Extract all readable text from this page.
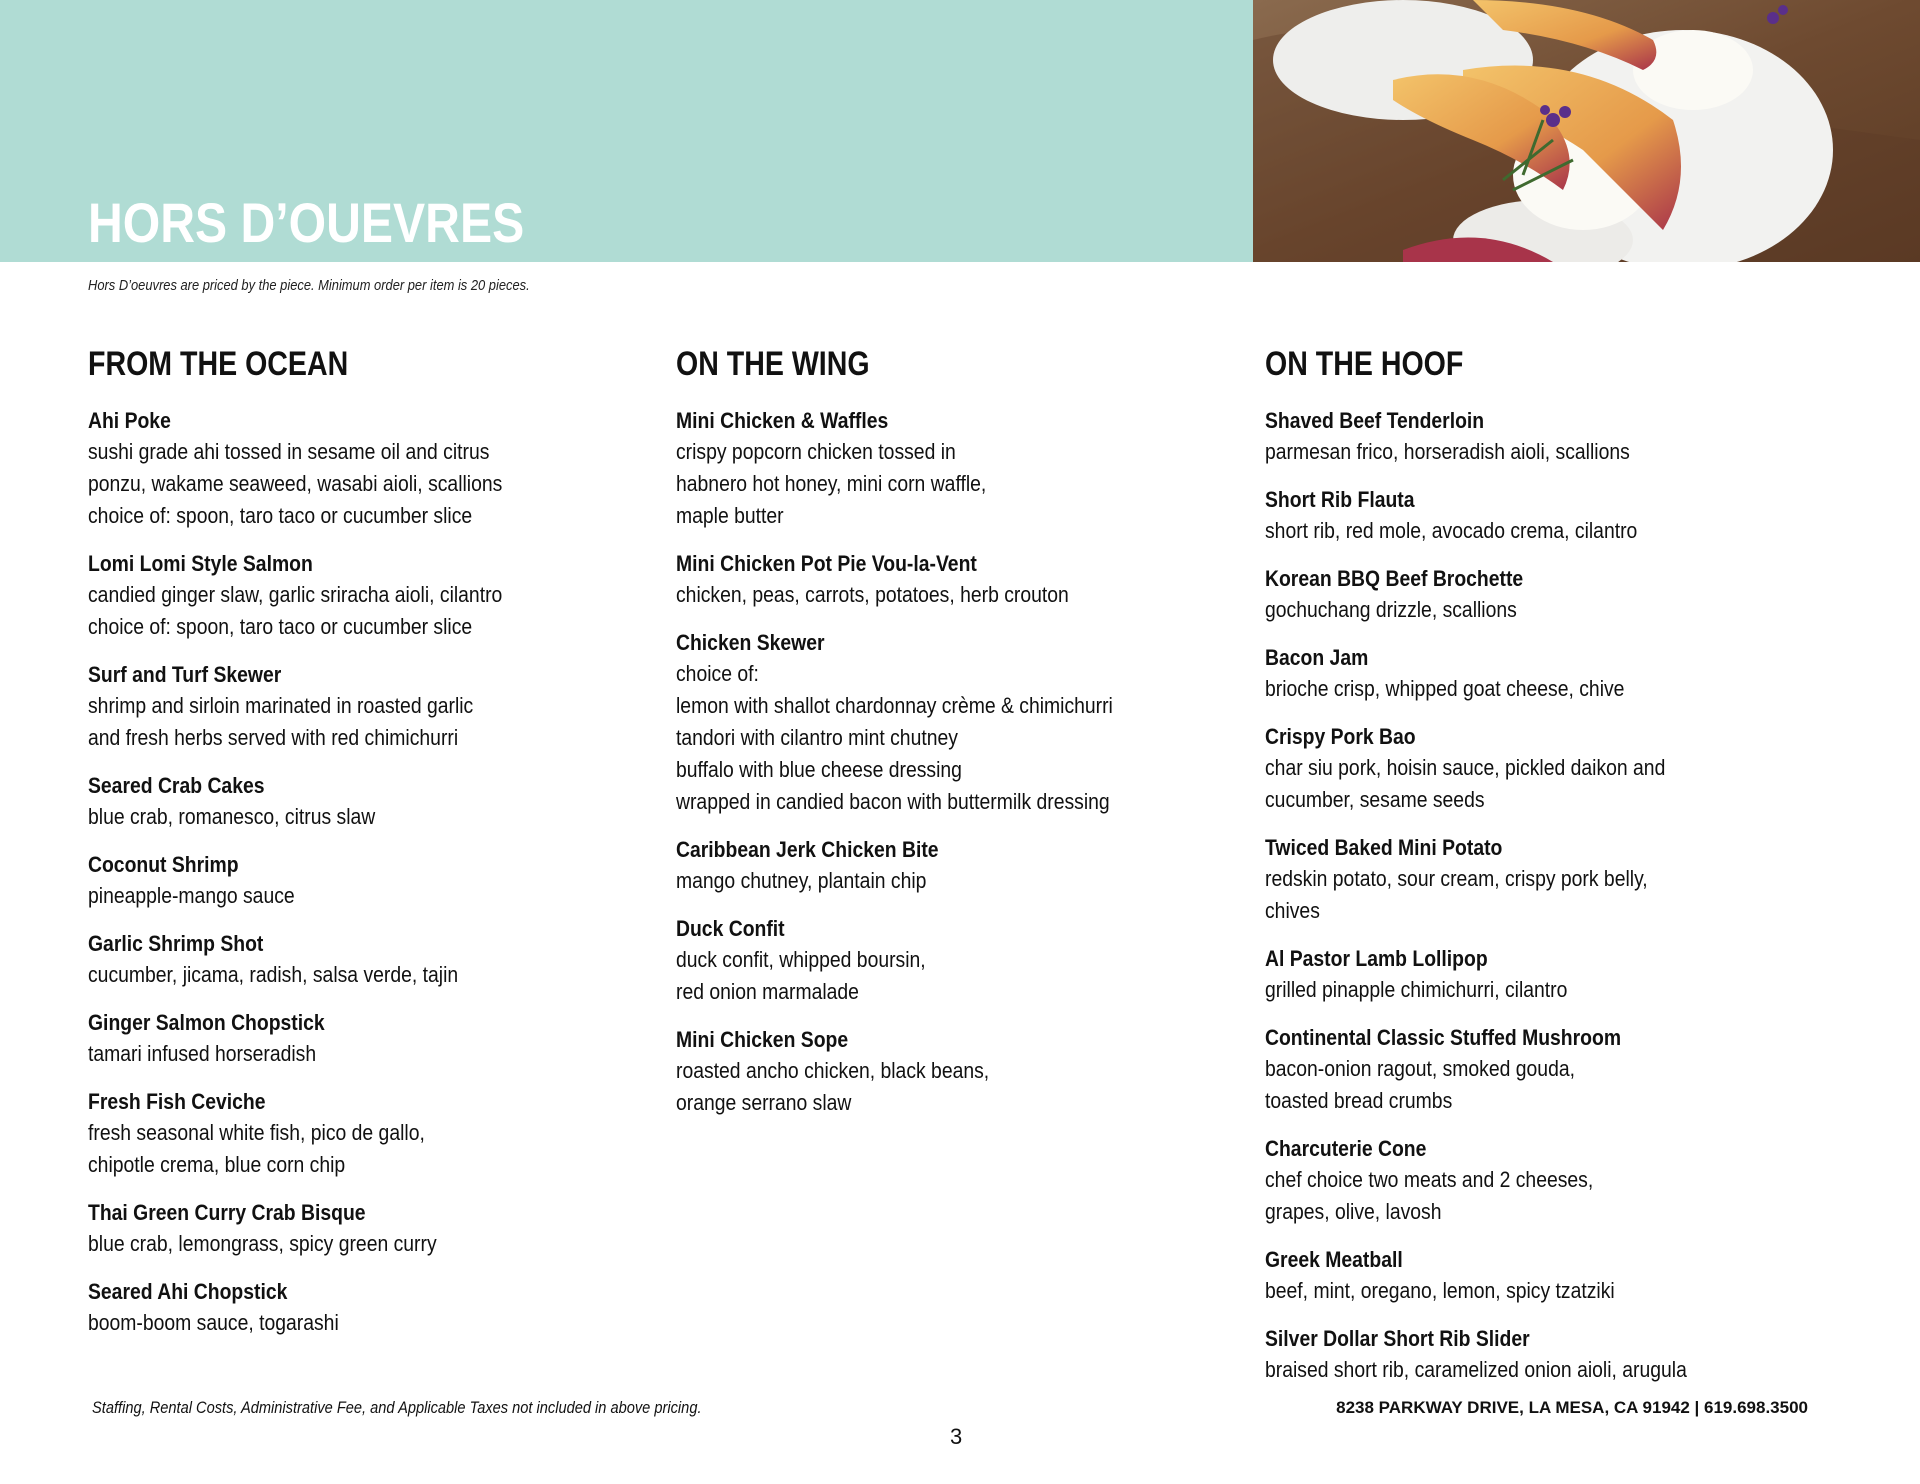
HORS D’OUEVRES
Hors D’oeuvres are priced by the piece. Minimum order per item is 20 pieces.
FROM THE OCEAN
Ahi Poke
sushi grade ahi tossed in sesame oil and citrus
ponzu, wakame seaweed, wasabi aioli, scallions
choice of: spoon, taro taco or cucumber slice
Lomi Lomi Style Salmon
candied ginger slaw, garlic sriracha aioli, cilantro
choice of: spoon, taro taco or cucumber slice
Surf and Turf Skewer
shrimp and sirloin marinated in roasted garlic
and fresh herbs served with red chimichurri
Seared Crab Cakes
blue crab, romanesco, citrus slaw
Coconut Shrimp
pineapple-mango sauce
Garlic Shrimp Shot
cucumber, jicama, radish, salsa verde, tajin
Ginger Salmon Chopstick
tamari infused horseradish
Fresh Fish Ceviche
fresh seasonal white fish, pico de gallo,
chipotle crema, blue corn chip
Thai Green Curry Crab Bisque
blue crab, lemongrass, spicy green curry
Seared Ahi Chopstick
boom-boom sauce, togarashi
ON THE WING
Mini Chicken & Waffles
crispy popcorn chicken tossed in
habnero hot honey, mini corn waffle,
maple butter
Mini Chicken Pot Pie Vou-la-Vent
chicken, peas, carrots, potatoes, herb crouton
Chicken Skewer
choice of:
lemon with shallot chardonnay crème & chimichurri
tandori with cilantro mint chutney
buffalo with blue cheese dressing
wrapped in candied bacon with buttermilk dressing
Caribbean Jerk Chicken Bite
mango chutney, plantain chip
Duck Confit
duck confit, whipped boursin,
red onion marmalade
Mini Chicken Sope
roasted ancho chicken, black beans,
orange serrano slaw
ON THE HOOF
Shaved Beef Tenderloin
parmesan frico, horseradish aioli, scallions
Short Rib Flauta
short rib, red mole, avocado crema, cilantro
Korean BBQ Beef Brochette
gochuchang drizzle, scallions
Bacon Jam
brioche crisp, whipped goat cheese, chive
Crispy Pork Bao
char siu pork, hoisin sauce, pickled daikon and
cucumber, sesame seeds
Twiced Baked Mini Potato
redskin potato, sour cream, crispy pork belly,
chives
Al Pastor Lamb Lollipop
grilled pinapple chimichurri, cilantro
Continental Classic Stuffed Mushroom
bacon-onion ragout, smoked gouda,
toasted bread crumbs
Charcuterie Cone
chef choice two meats and 2 cheeses,
grapes, olive, lavosh
Greek Meatball
beef, mint, oregano, lemon, spicy tzatziki
Silver Dollar Short Rib Slider
braised short rib, caramelized onion aioli, arugula
Staffing, Rental Costs, Administrative Fee, and Applicable Taxes not included in above pricing.	8238 PARKWAY DRIVE, LA MESA, CA 91942 | 619.698.3500
3
